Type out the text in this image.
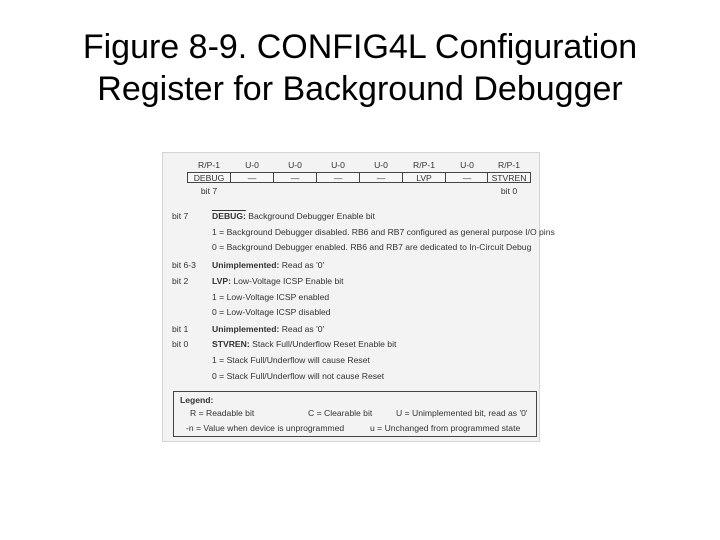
Figure 8-9. CONFIG4L Configuration
Register for Background Debugger
R/P-1	U-0	U-0	U-0	U-0	R/P-1	U-0	R/P-1
DEBUG	—	—	—	—	LVP	—	STVREN
bit 7	bit 0
bit 7	DEBUG: Background Debugger Enable bit
1 = Background Debugger disabled. RB6 and RB7 configured as general purpose I/O pins
0 = Background Debugger enabled. RB6 and RB7 are dedicated to In-Circuit Debug
bit 6-3 Unimplemented: Read as '0'
bit 2	LVP: Low-Voltage ICSP Enable bit
1 = Low-Voltage ICSP enabled
0 = Low-Voltage ICSP disabled
bit 1	Unimplemented: Read as '0'
bit 0	STVREN: Stack Full/Underflow Reset Enable bit
1 = Stack Full/Underflow will cause Reset
0 = Stack Full/Underflow will not cause Reset
Legend:
R = Readable bit	C = Clearable bit	U = Unimplemented bit, read as '0'
-n = Value when device is unprogrammed	u = Unchanged from programmed state
